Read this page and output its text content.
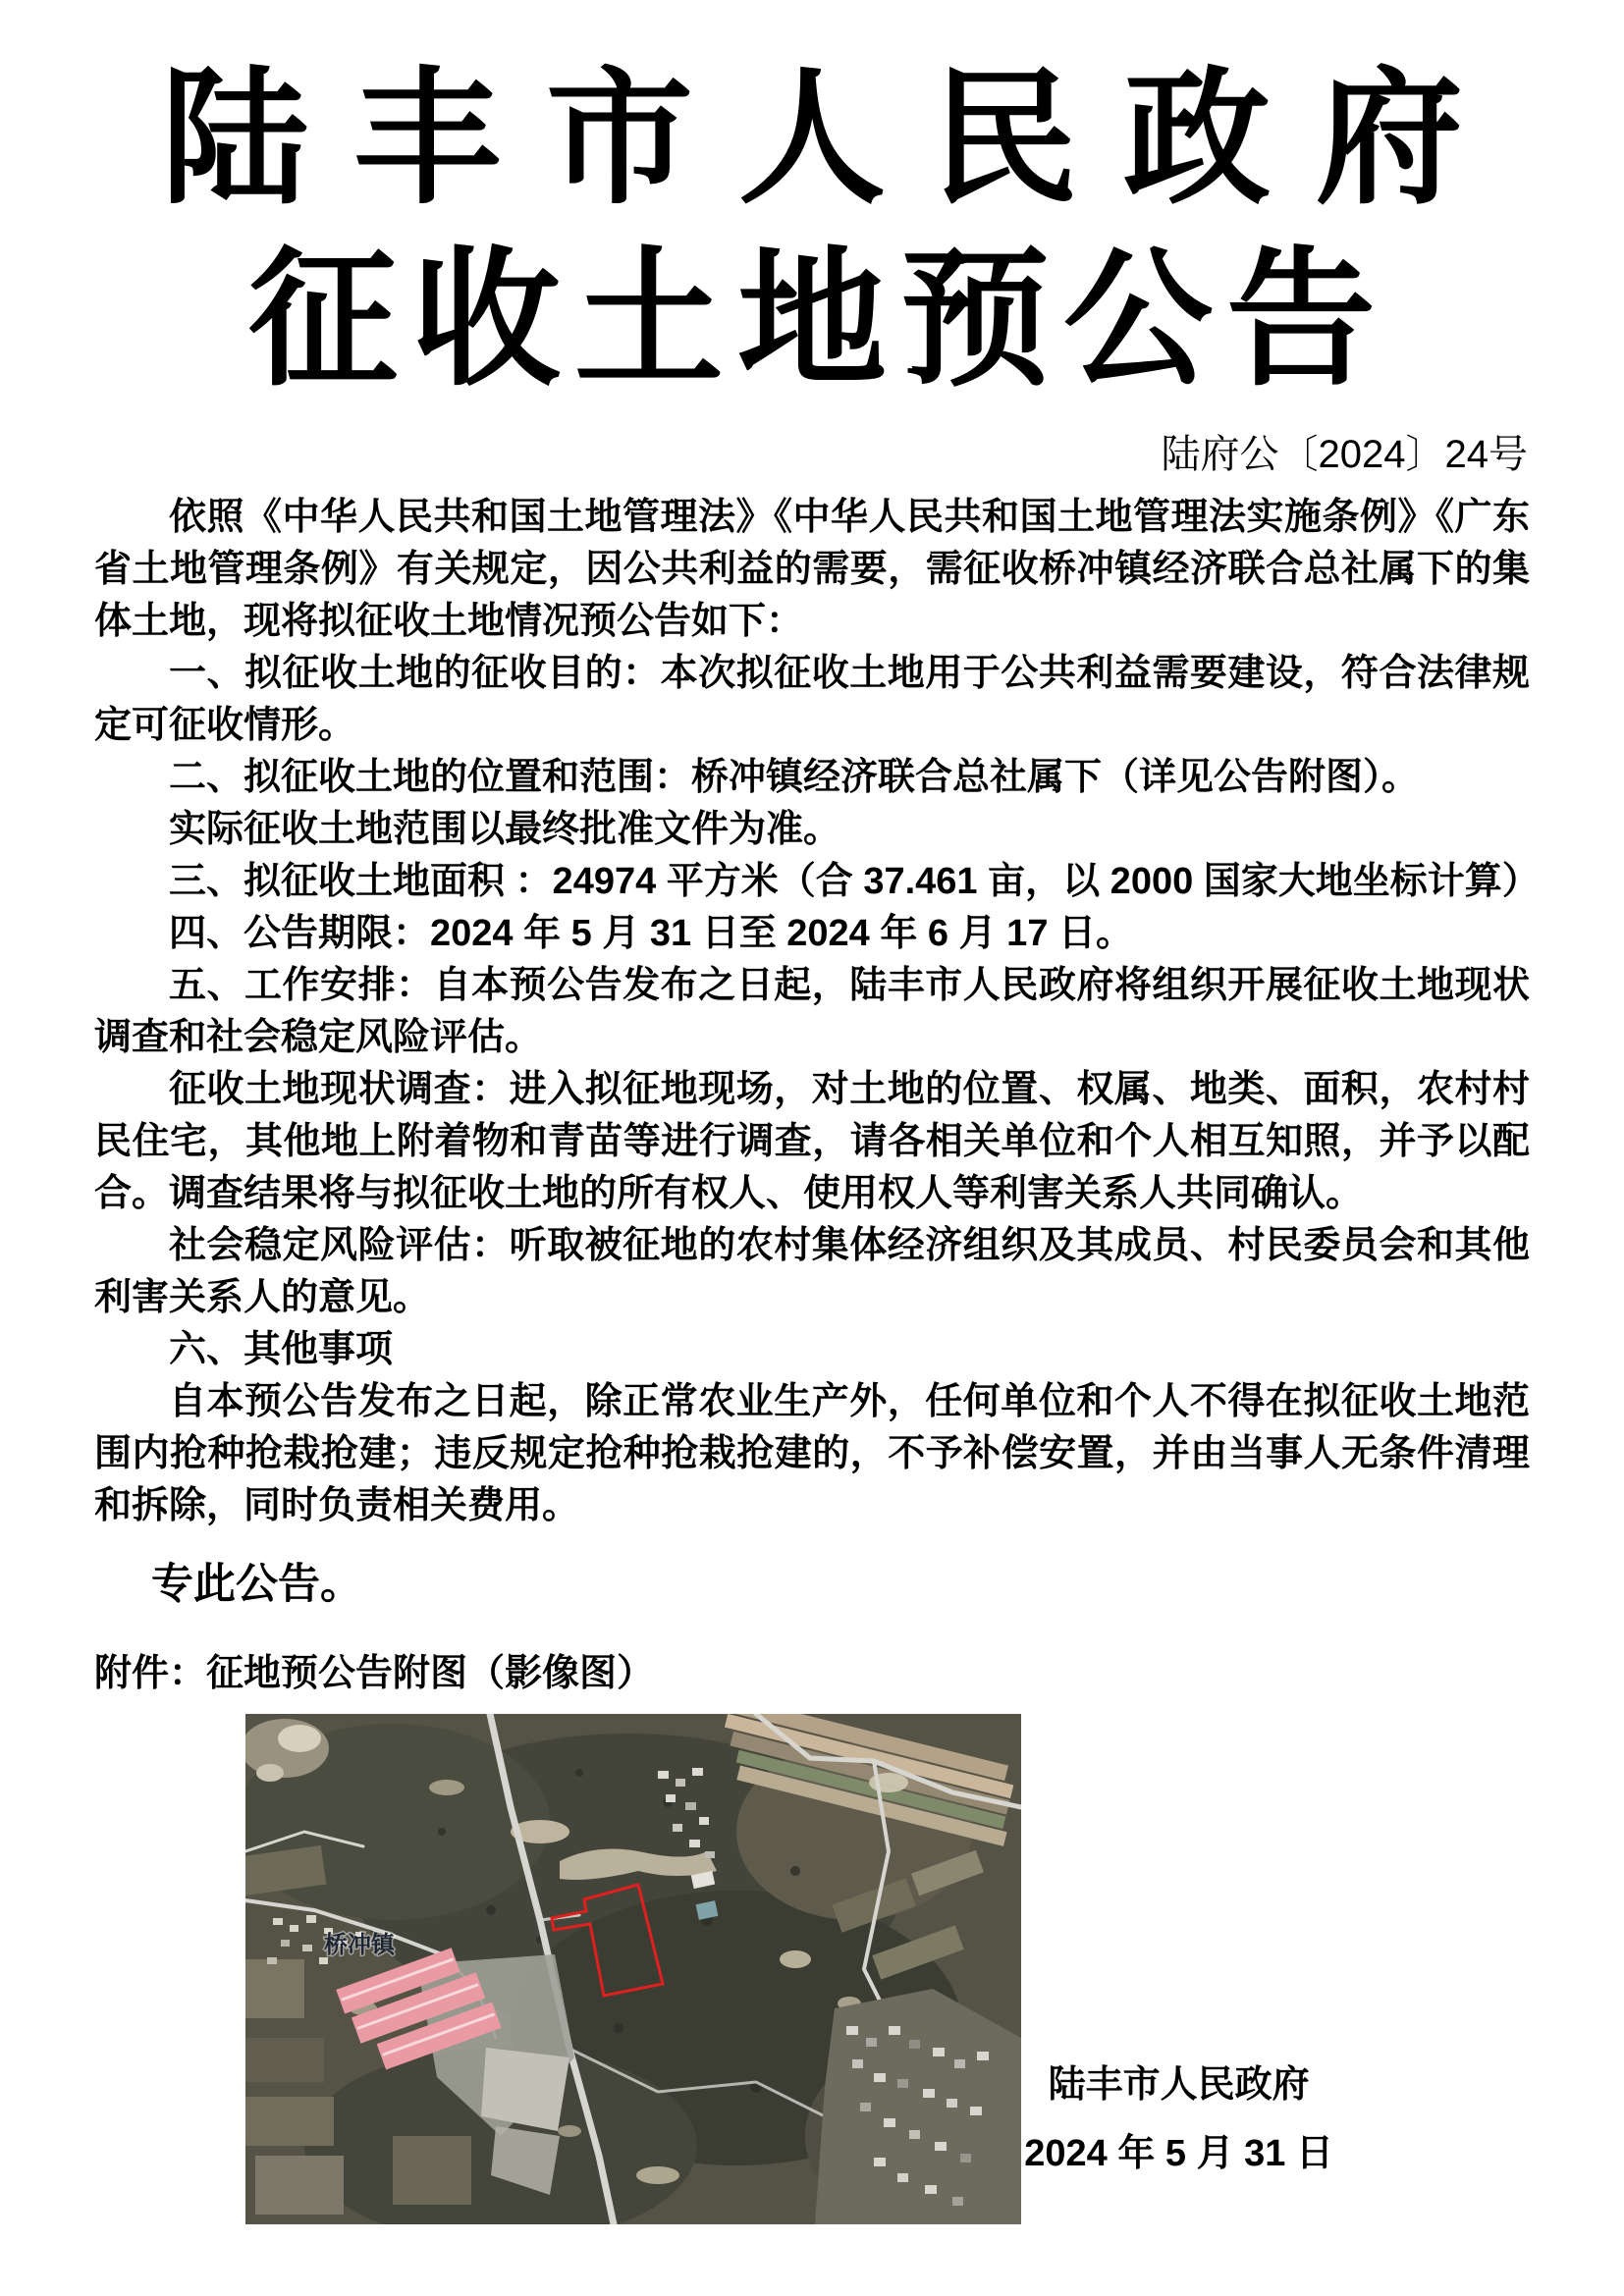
陆丰市人民政府
征收土地预公告
陆府公〔2024〕24号
依照《中华人民共和国土地管理法》《中华人民共和国土地管理法实施条例》《广东省土地管理条例》有关规定，因公共利益的需要，需征收桥冲镇经济联合总社属下的集体土地，现将拟征收土地情况预公告如下：
一、拟征收土地的征收目的：本次拟征收土地用于公共利益需要建设，符合法律规定可征收情形。
二、拟征收土地的位置和范围：桥冲镇经济联合总社属下（详见公告附图）。
实际征收土地范围以最终批准文件为准。
三、拟征收土地面积 ：24974 平方米（合 37.461 亩，以 2000 国家大地坐标计算）
四、公告期限：2024 年 5 月 31 日至 2024 年 6 月 17 日。
五、工作安排：自本预公告发布之日起，陆丰市人民政府将组织开展征收土地现状调查和社会稳定风险评估。
征收土地现状调查：进入拟征地现场，对土地的位置、权属、地类、面积，农村村民住宅，其他地上附着物和青苗等进行调查，请各相关单位和个人相互知照，并予以配合。调查结果将与拟征收土地的所有权人、使用权人等利害关系人共同确认。
社会稳定风险评估：听取被征地的农村集体经济组织及其成员、村民委员会和其他利害关系人的意见。
六、其他事项
自本预公告发布之日起，除正常农业生产外，任何单位和个人不得在拟征收土地范围内抢种抢栽抢建；违反规定抢种抢栽抢建的，不予补偿安置，并由当事人无条件清理和拆除，同时负责相关费用。
专此公告。
附件：征地预公告附图（影像图）
桥冲镇
陆丰市人民政府
2024 年 5 月 31 日
